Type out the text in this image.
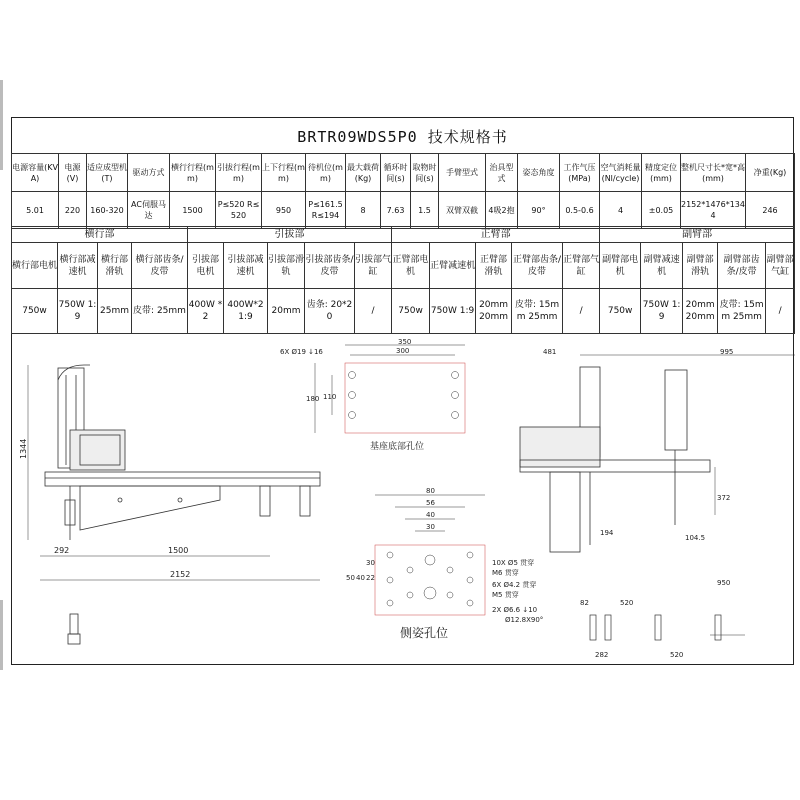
BRTR09WDS5P0 技术规格书
电源容量(KVA)	电源(V)	适应成型机(T)	驱动方式	横行行程(mm)	引拔行程(mm)	上下行程(mm)	待机位(mm)	最大载荷(Kg)	循环时间(s)	取物时间(s)	手臂型式	治具型式	姿态角度	工作气压(MPa)	空气消耗量(Nl/cycle)	精度定位(mm)	整机尺寸长*宽*高(mm)	净重(Kg)
5.01	220	160-320	AC伺服马达	1500	P≤520 R≤520	950	P≤161.5 R≤194	8	7.63	1.5	双臂双截	4吸2抱	90°	0.5-0.6	4	±0.05	2152*1476*1344	246
横行部				引拔部					正臂部					副臂部				
横行部电机	横行部减速机	横行部滑轨	横行部齿条/皮带	引拔部电机	引拔部减速机	引拔部滑轨	引拔部齿条/皮带	引拔部气缸	正臂部电机	正臂减速机	正臂部滑轨	正臂部齿条/皮带	正臂部气缸	副臂部电机	副臂减速机	副臂部滑轨	副臂部齿条/皮带	副臂部气缸
750w	750W 1:9	25mm	皮带: 25mm	400W *2	400W*2 1:9	20mm	齿条: 20*20	/	750w	750W 1:9	20mm 20mm	皮带: 15mm 25mm	/	750w	750W 1:9	20mm 20mm	皮带: 15mm 25mm	/
1344
292	1500
2152
6X Ø19 ↓16
350
300
180 110
基座底部孔位
80
56
40
30
50 40 22
30	10X Ø5 贯穿
M6 贯穿
6X Ø4.2 贯穿
M5 贯穿
2X Ø6.6 ↓10
Ø12.8X90°
侧姿孔位
481	995
372
194
104.5
950
82	520
282	520
